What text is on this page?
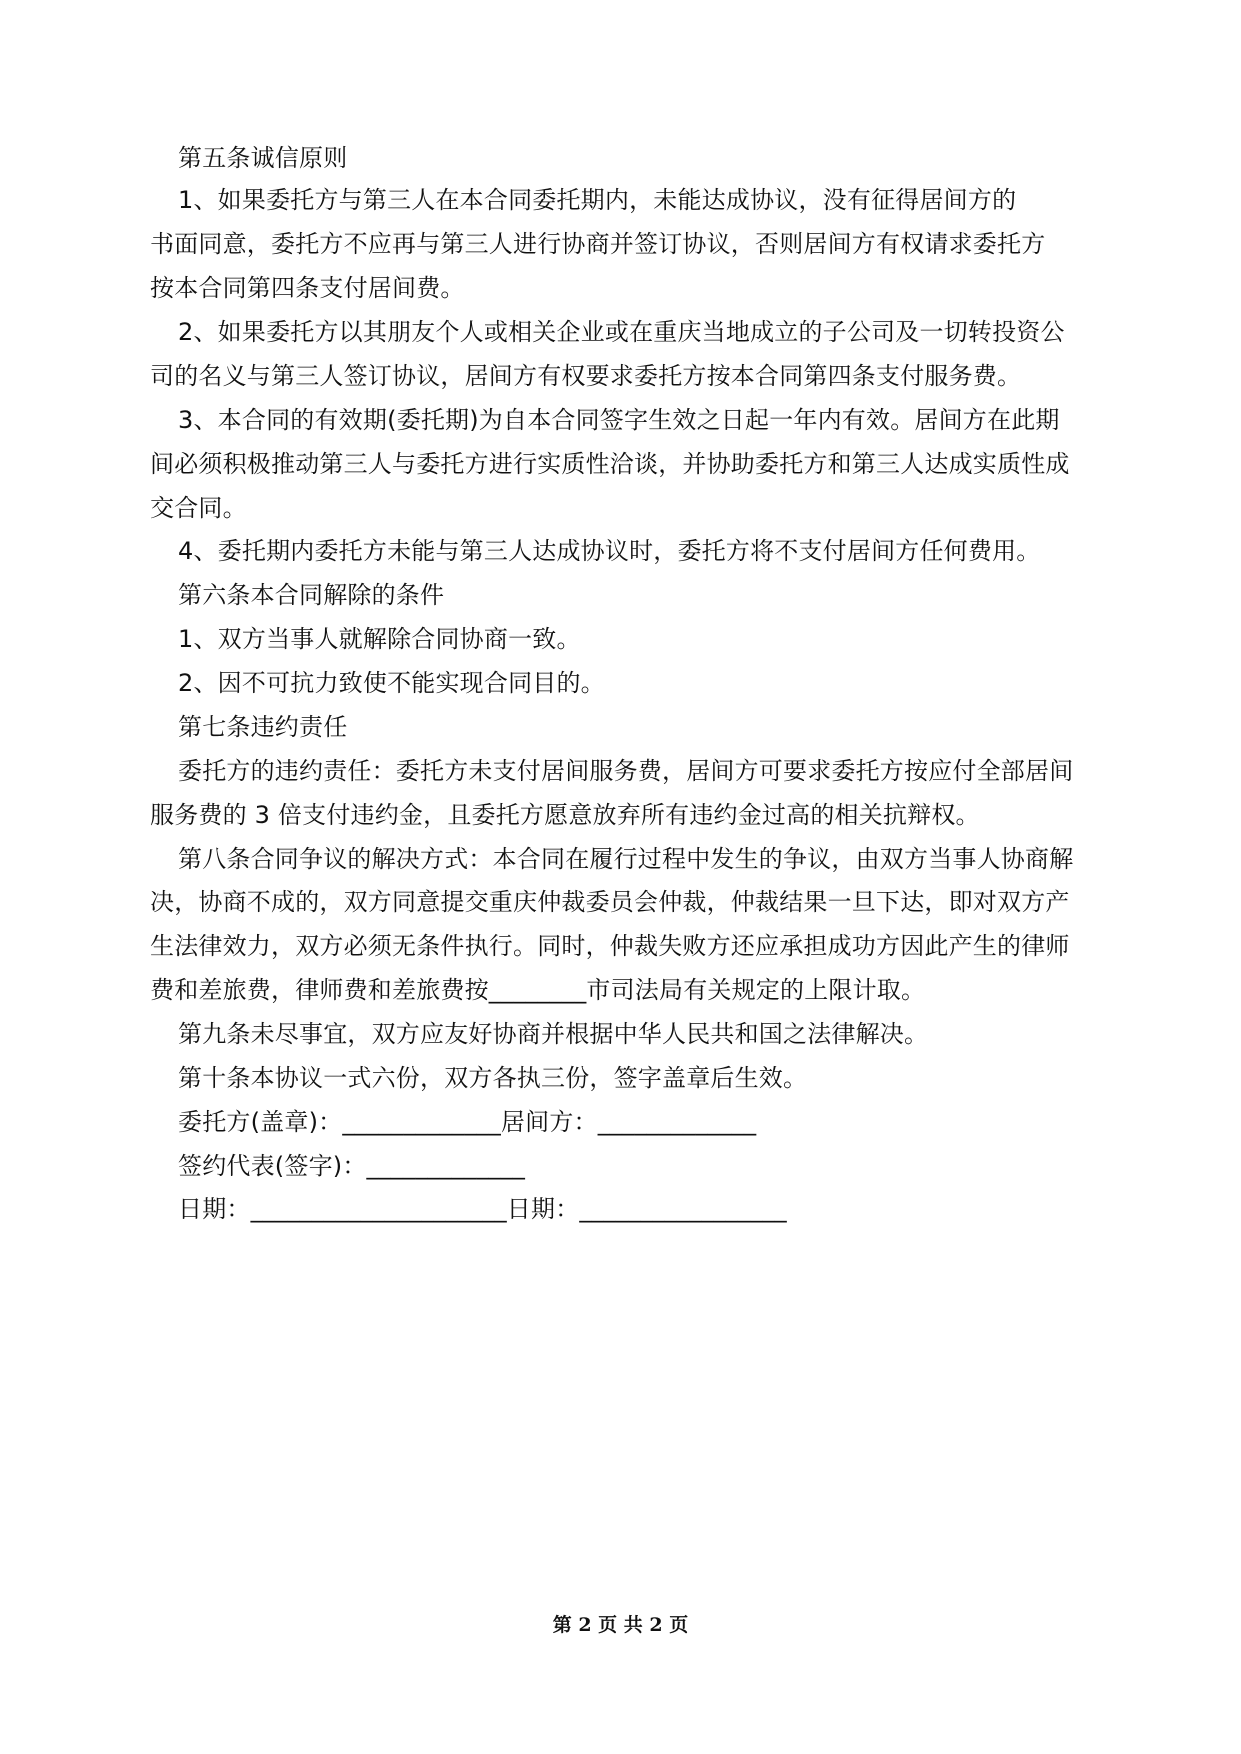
第五条诚信原则
1、如果委托方与第三人在本合同委托期内，未能达成协议，没有征得居间方的
书面同意，委托方不应再与第三人进行协商并签订协议，否则居间方有权请求委托方
按本合同第四条支付居间费。
2、如果委托方以其朋友个人或相关企业或在重庆当地成立的子公司及一切转投资公
司的名义与第三人签订协议，居间方有权要求委托方按本合同第四条支付服务费。
3、本合同的有效期(委托期)为自本合同签字生效之日起一年内有效。居间方在此期
间必须积极推动第三人与委托方进行实质性洽谈，并协助委托方和第三人达成实质性成
交合同。
4、委托期内委托方未能与第三人达成协议时，委托方将不支付居间方任何费用。
第六条本合同解除的条件
1、双方当事人就解除合同协商一致。
2、因不可抗力致使不能实现合同目的。
第七条违约责任
委托方的违约责任：委托方未支付居间服务费，居间方可要求委托方按应付全部居间
服务费的 3 倍支付违约金，且委托方愿意放弃所有违约金过高的相关抗辩权。
第八条合同争议的解决方式：本合同在履行过程中发生的争议，由双方当事人协商解
决，协商不成的，双方同意提交重庆仲裁委员会仲裁，仲裁结果一旦下达，即对双方产
生法律效力，双方必须无条件执行。同时，仲裁失败方还应承担成功方因此产生的律师
费和差旅费，律师费和差旅费按________市司法局有关规定的上限计取。
第九条未尽事宜，双方应友好协商并根据中华人民共和国之法律解决。
第十条本协议一式六份，双方各执三份，签字盖章后生效。
委托方(盖章)：_____________居间方：_____________
签约代表(签字)：_____________
日期：_____________________日期：_________________
第 2 页 共 2 页
